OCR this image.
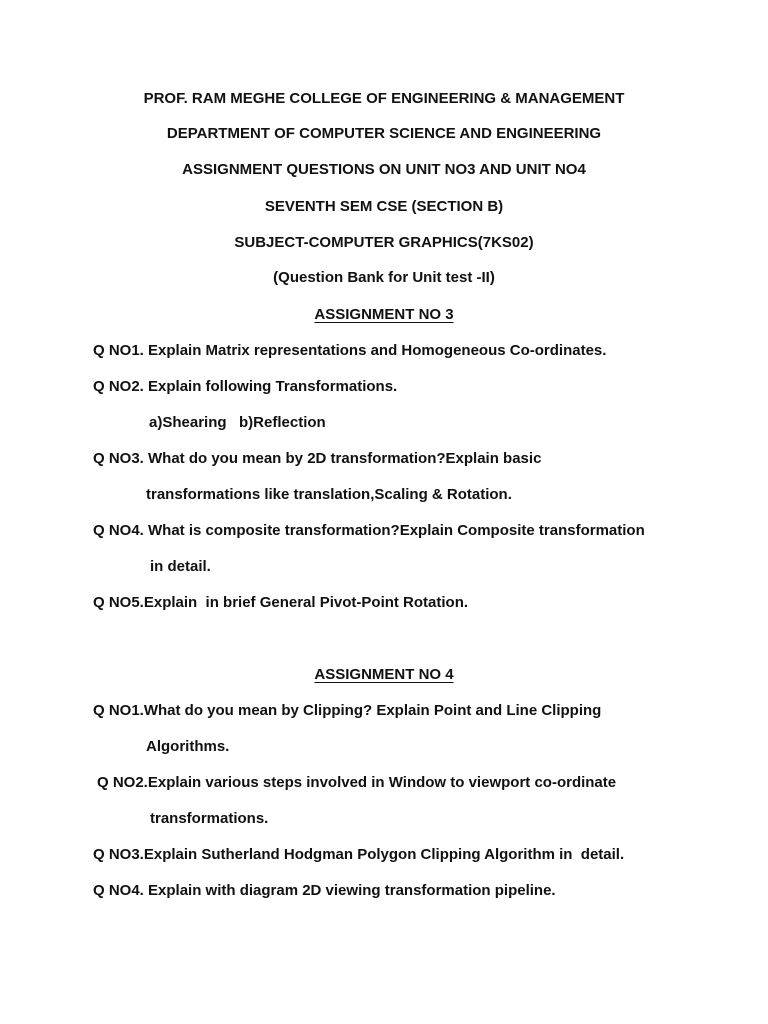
PROF. RAM MEGHE COLLEGE OF ENGINEERING & MANAGEMENT
DEPARTMENT OF COMPUTER SCIENCE AND ENGINEERING
ASSIGNMENT QUESTIONS ON UNIT NO3 AND UNIT NO4
SEVENTH SEM CSE (SECTION B)
SUBJECT-COMPUTER GRAPHICS(7KS02)
(Question Bank for Unit test -II)
ASSIGNMENT NO 3
Q NO1. Explain Matrix representations and Homogeneous Co-ordinates.
Q NO2. Explain following Transformations.
a)Shearing   b)Reflection
Q NO3. What do you mean by 2D transformation?Explain basic
transformations like translation,Scaling & Rotation.
Q NO4. What is composite transformation?Explain Composite transformation
in detail.
Q NO5.Explain  in brief General Pivot-Point Rotation.
ASSIGNMENT NO 4
Q NO1.What do you mean by Clipping? Explain Point and Line Clipping
Algorithms.
Q NO2.Explain various steps involved in Window to viewport co-ordinate
transformations.
Q NO3.Explain Sutherland Hodgman Polygon Clipping Algorithm in  detail.
Q NO4. Explain with diagram 2D viewing transformation pipeline.
